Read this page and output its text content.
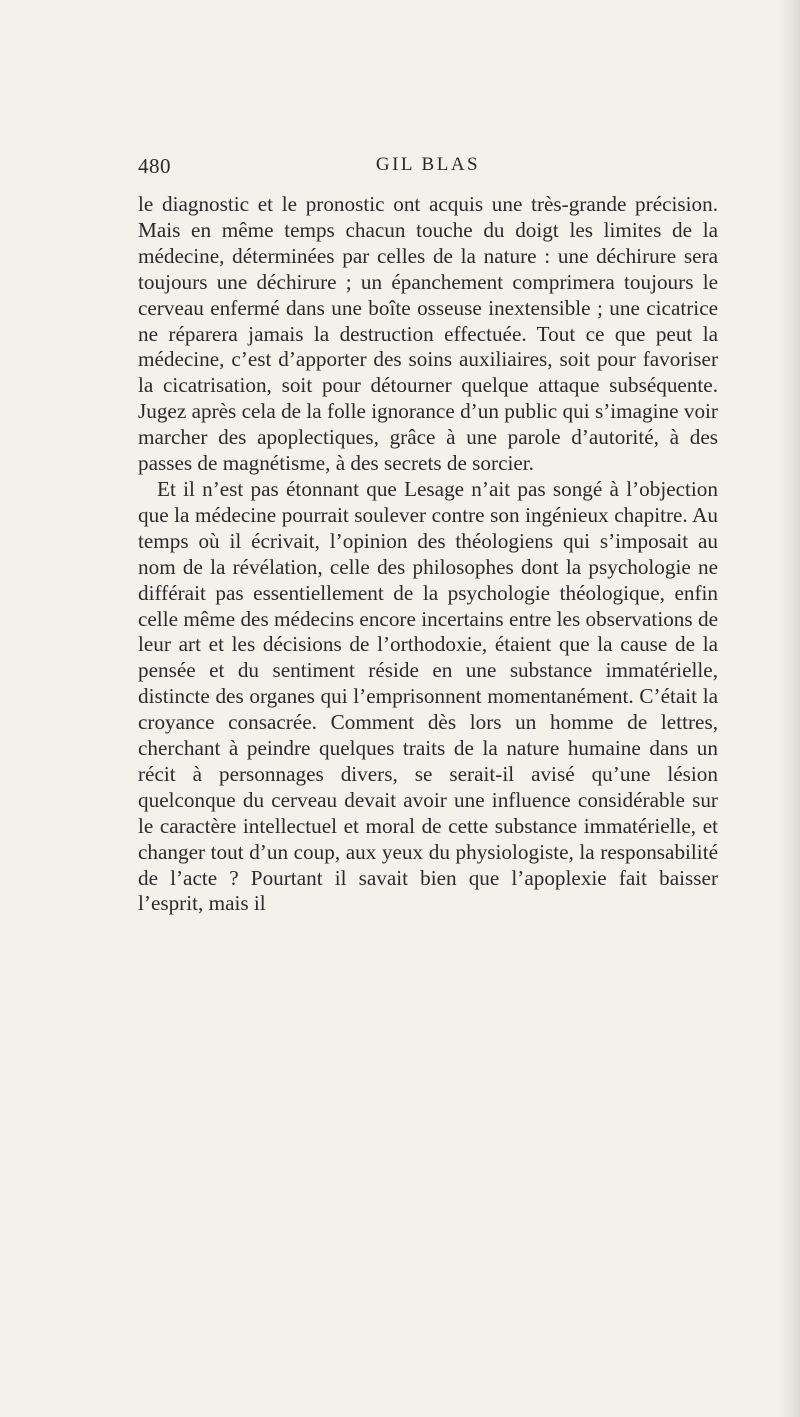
480	GIL BLAS

le diagnostic et le pronostic ont acquis une très-grande précision. Mais en même temps chacun touche du doigt les limites de la médecine, déterminées par celles de la nature : une déchirure sera toujours une déchirure ; un épanchement comprimera toujours le cerveau enfermé dans une boîte osseuse inextensible ; une cicatrice ne réparera jamais la destruction effectuée. Tout ce que peut la médecine, c’est d’apporter des soins auxiliaires, soit pour favoriser la cicatrisation, soit pour détourner quelque attaque subséquente. Jugez après cela de la folle ignorance d’un public qui s’imagine voir marcher des apoplectiques, grâce à une parole d’autorité, à des passes de magnétisme, à des secrets de sorcier.

Et il n’est pas étonnant que Lesage n’ait pas songé à l’objection que la médecine pourrait soulever contre son ingénieux chapitre. Au temps où il écrivait, l’opinion des théologiens qui s’imposait au nom de la révélation, celle des philosophes dont la psychologie ne différait pas essentiellement de la psychologie théologique, enfin celle même des médecins encore incertains entre les observations de leur art et les décisions de l’orthodoxie, étaient que la cause de la pensée et du sentiment réside en une substance immatérielle, distincte des organes qui l’emprisonnent momentanément. C’était la croyance consacrée. Comment dès lors un homme de lettres, cherchant à peindre quelques traits de la nature humaine dans un récit à personnages divers, se serait-il avisé qu’une lésion quelconque du cerveau devait avoir une influence considérable sur le caractère intellectuel et moral de cette substance immatérielle, et changer tout d’un coup, aux yeux du physiologiste, la responsabilité de l’acte ? Pourtant il savait bien que l’apoplexie fait baisser l’esprit, mais il
